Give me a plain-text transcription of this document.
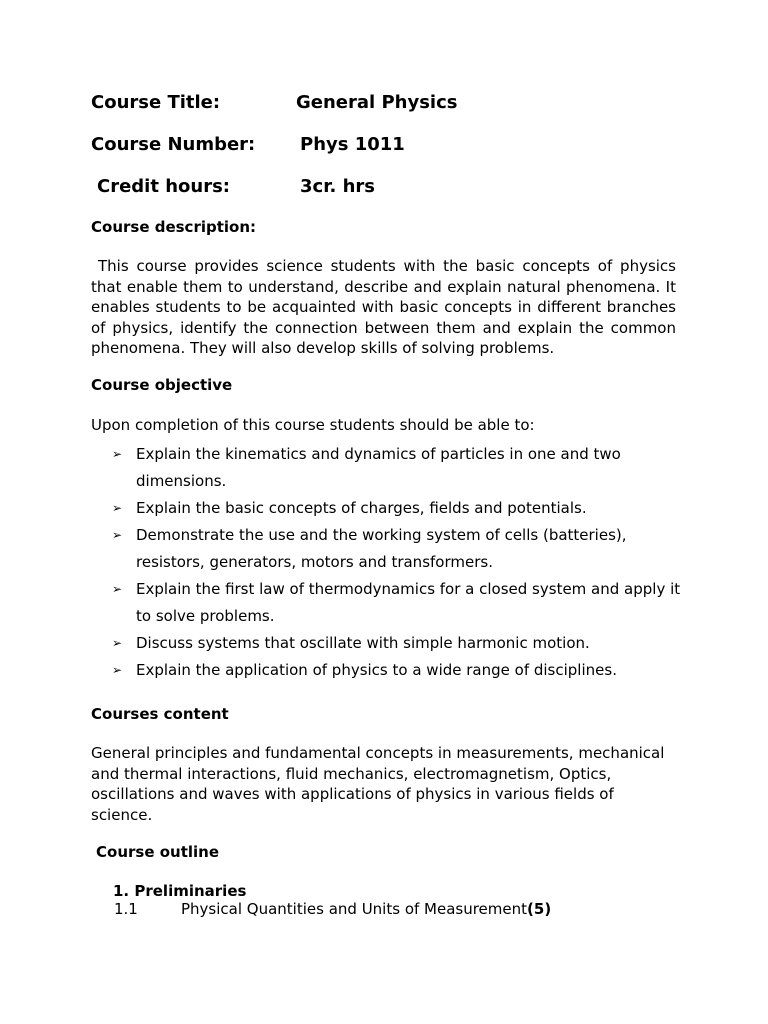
Course Title:	General Physics
Course Number: Phys 1011
Credit hours:	3cr. hrs
Course description:
This course provides science students with the basic concepts of physics that enable them to understand, describe and explain natural phenomena. It enables students to be acquainted with basic concepts in different branches of physics, identify the connection between them and explain the common phenomena. They will also develop skills of solving problems.
Course objective
Upon completion of this course students should be able to:
➢ Explain the kinematics and dynamics of particles in one and two dimensions.
➢ Explain the basic concepts of charges, fields and potentials.
➢ Demonstrate the use and the working system of cells (batteries), resistors, generators, motors and transformers.
➢ Explain the first law of thermodynamics for a closed system and apply it to solve problems.
➢ Discuss systems that oscillate with simple harmonic motion.
➢ Explain the application of physics to a wide range of disciplines.
Courses content
General principles and fundamental concepts in measurements, mechanical and thermal interactions, fluid mechanics, electromagnetism, Optics, oscillations and waves with applications of physics in various fields of science.
Course outline
1. Preliminaries
1.1	Physical Quantities and Units of Measurement(5)
